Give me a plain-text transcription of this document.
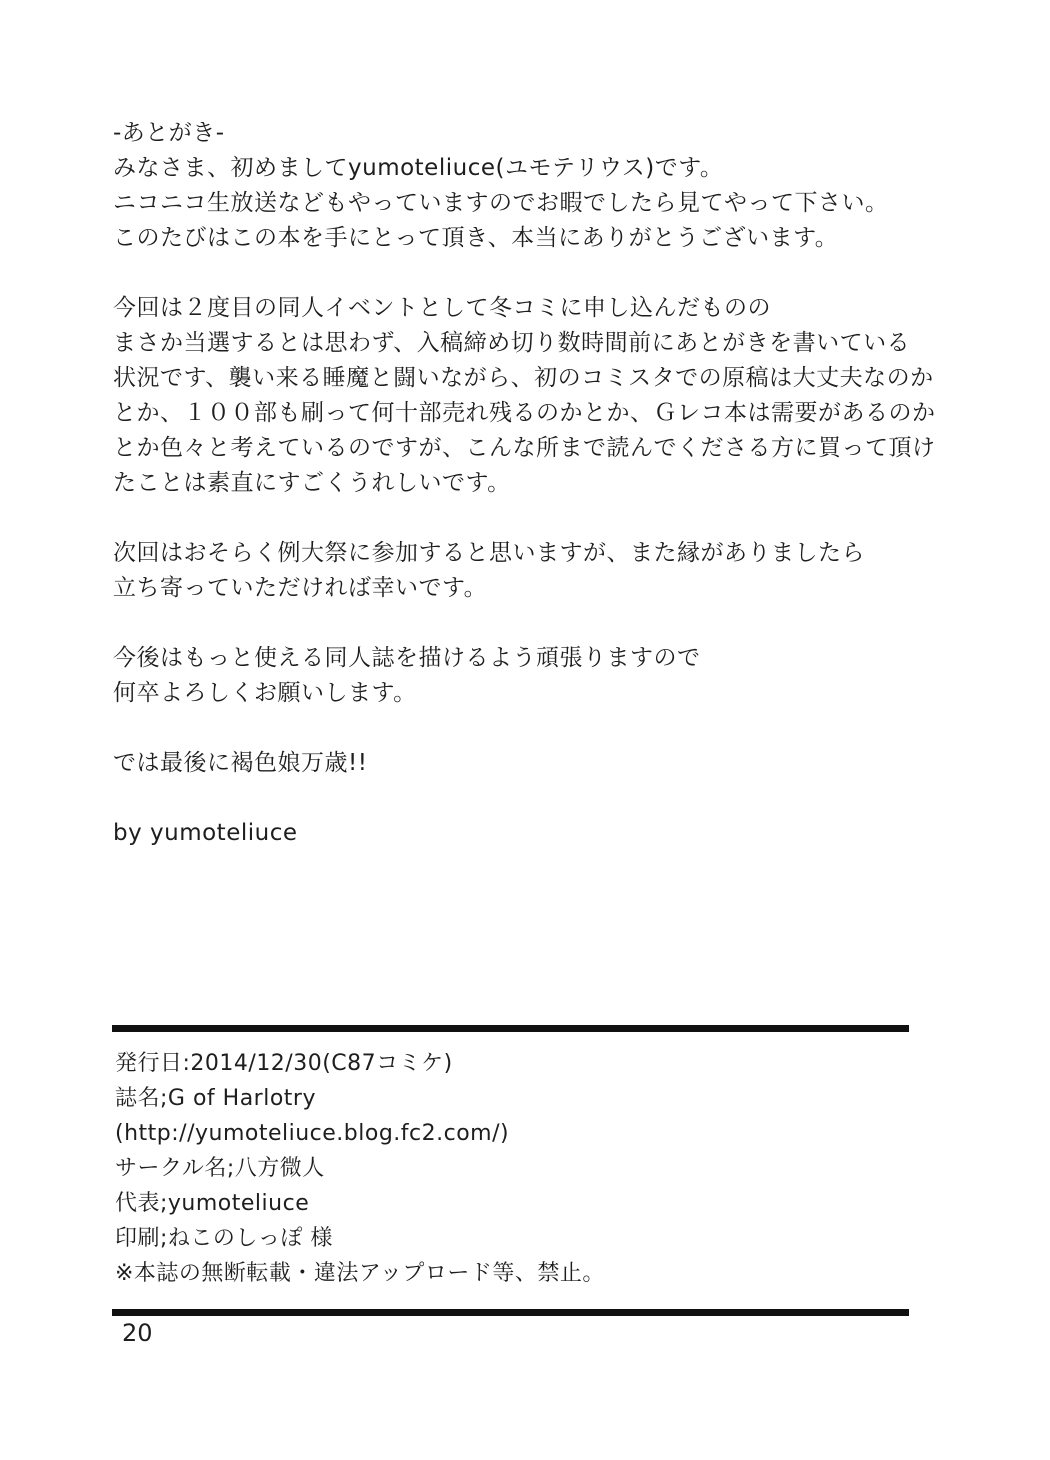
-あとがき-
みなさま、初めましてyumoteliuce(ユモテリウス)です。
ニコニコ生放送などもやっていますのでお暇でしたら見てやって下さい。
このたびはこの本を手にとって頂き、本当にありがとうございます。
今回は２度目の同人イベントとして冬コミに申し込んだものの
まさか当選するとは思わず、入稿締め切り数時間前にあとがきを書いている
状況です、襲い来る睡魔と闘いながら、初のコミスタでの原稿は大丈夫なのか
とか、１００部も刷って何十部売れ残るのかとか、Ｇレコ本は需要があるのか
とか色々と考えているのですが、こんな所まで読んでくださる方に買って頂け
たことは素直にすごくうれしいです。
次回はおそらく例大祭に参加すると思いますが、また縁がありましたら
立ち寄っていただければ幸いです。
今後はもっと使える同人誌を描けるよう頑張りますので
何卒よろしくお願いします。
では最後に褐色娘万歳!!
by yumoteliuce
発行日:2014/12/30(C87コミケ)
誌名;G of Harlotry
(http://yumoteliuce.blog.fc2.com/)
サークル名;八方微人
代表;yumoteliuce
印刷;ねこのしっぽ 様
※本誌の無断転載・違法アップロード等、禁止。
20
